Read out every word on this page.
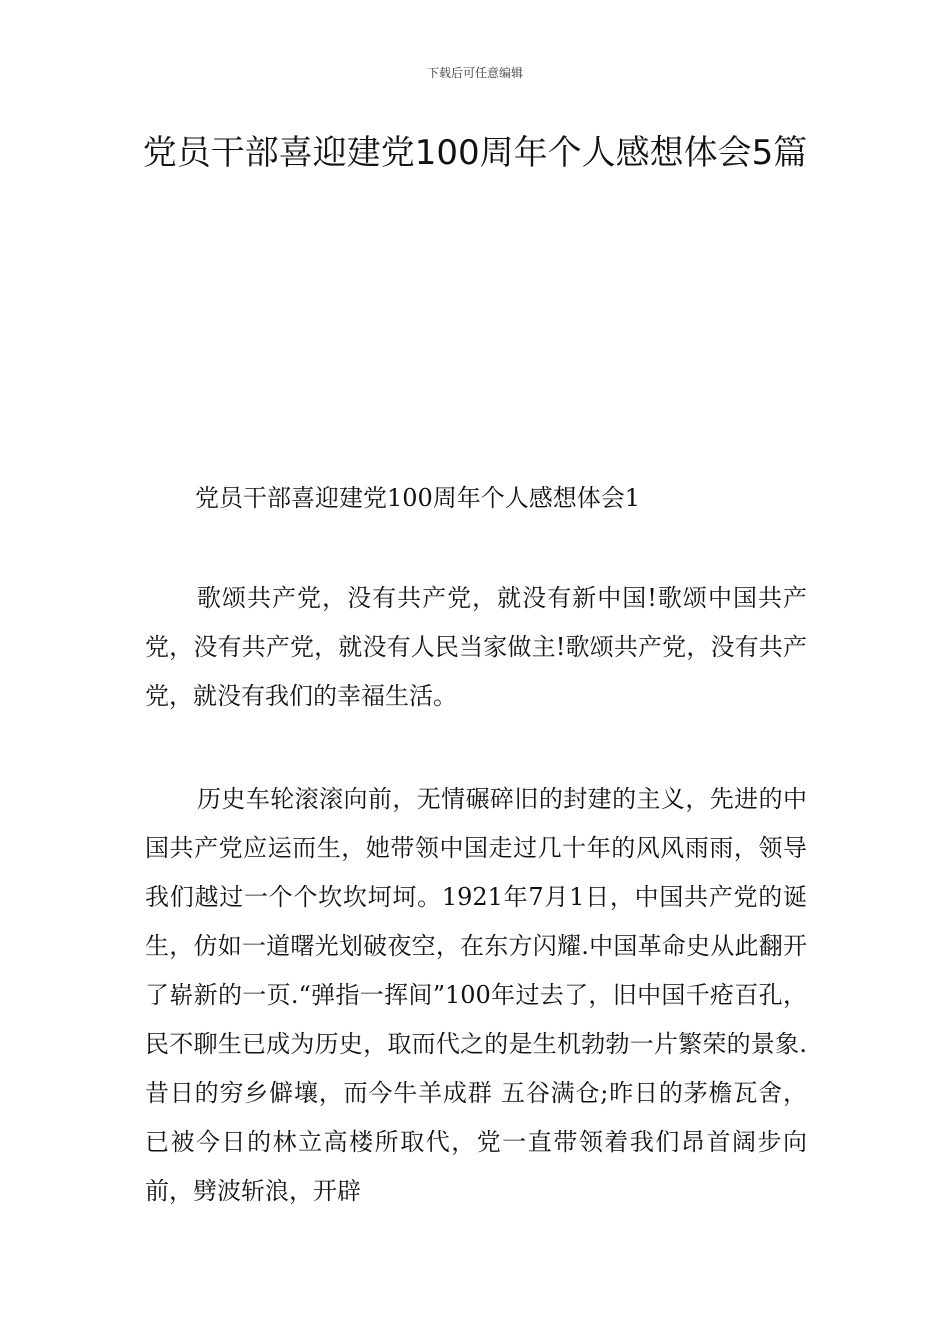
下载后可任意编辑
党员干部喜迎建党100周年个人感想体会5篇
党员干部喜迎建党100周年个人感想体会1

歌颂共产党，没有共产党，就没有新中国!歌颂中国共产党，没有共产党，就没有人民当家做主!歌颂共产党，没有共产党，就没有我们的幸福生活。

历史车轮滚滚向前，无情碾碎旧的封建的主义，先进的中国共产党应运而生，她带领中国走过几十年的风风雨雨，领导我们越过一个个坎坎坷坷。1921年7月1日，中国共产党的诞生，仿如一道曙光划破夜空，在东方闪耀.中国革命史从此翻开了崭新的一页.“弹指一挥间”100年过去了，旧中国千疮百孔，民不聊生已成为历史，取而代之的是生机勃勃一片繁荣的景象.昔日的穷乡僻壤，而今牛羊成群 五谷满仓;昨日的茅檐瓦舍，已被今日的林立高楼所取代，党一直带领着我们昂首阔步向前，劈波斩浪，开辟
